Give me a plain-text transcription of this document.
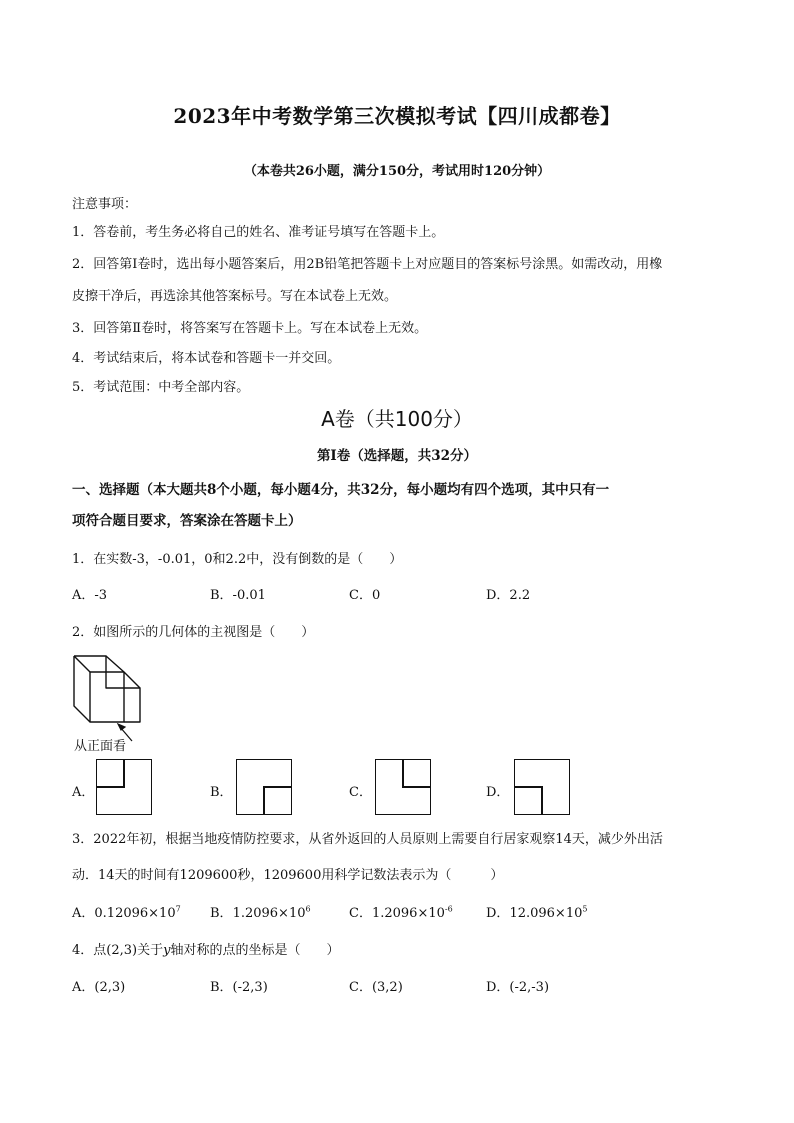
2023年中考数学第三次模拟考试【四川成都卷】
（本卷共26小题，满分150分，考试用时120分钟）
注意事项：
1．答卷前，考生务必将自己的姓名、准考证号填写在答题卡上。
2．回答第Ⅰ卷时，选出每小题答案后，用2B铅笔把答题卡上对应题目的答案标号涂黑。如需改动，用橡
皮擦干净后，再选涂其他答案标号。写在本试卷上无效。
3．回答第Ⅱ卷时，将答案写在答题卡上。写在本试卷上无效。
4．考试结束后，将本试卷和答题卡一并交回。
5．考试范围：中考全部内容。
A卷（共100分）
第Ⅰ卷（选择题，共32分）
一、选择题（本大题共8个小题，每小题4分，共32分，每小题均有四个选项，其中只有一
项符合题目要求，答案涂在答题卡上）
1．在实数-3，-0.01，0和2.2中，没有倒数的是（　　）
A．-3	B．-0.01	C．0	D．2.2
2．如图所示的几何体的主视图是（　　）
从正面看
A．	B．	C．	D．
3．2022年初，根据当地疫情防控要求，从省外返回的人员原则上需要自行居家观察14天，减少外出活
动．14天的时间有1209600秒，1209600用科学记数法表示为（　　　）
A．$0.12096\times 10^7$ B．$1.2096\times 10^6$	C．$1.2096\times 10^{-6}$	D．$12.096\times 10^5$
4．点(2,3)关于y轴对称的点的坐标是（　　）
A．(2,3)	B．(-2,3)	C．(3,2)	D．(-2,-3)
